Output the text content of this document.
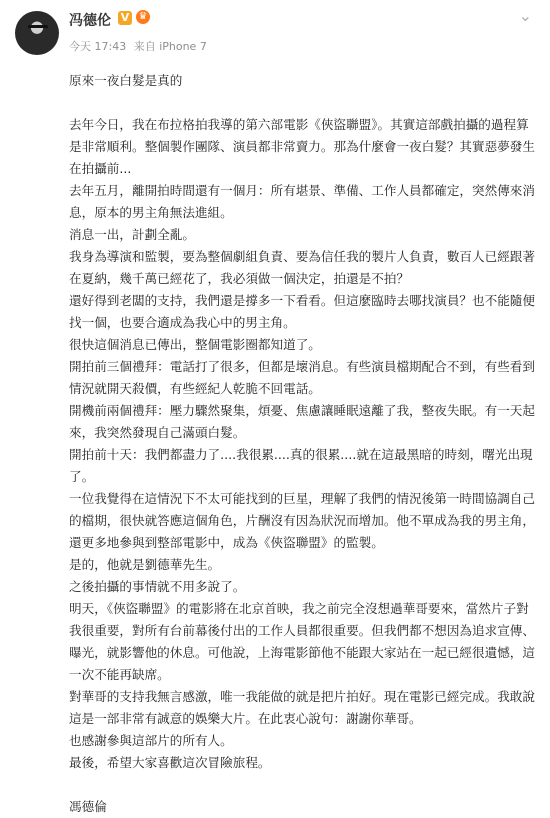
冯德伦 V ♛
今天 17:43 来自 iPhone 7
⌄

原來一夜白髮是真的

去年今日，我在布拉格拍我導的第六部電影《俠盜聯盟》。其實這部戲拍攝的過程算是非常順利。整個製作團隊、演員都非常賣力。那為什麼會一夜白髮？其實惡夢發生在拍攝前...

去年五月，離開拍時間還有一個月：所有堪景、準備、工作人員都確定，突然傳來消息，原本的男主角無法進組。

消息一出，計劃全亂。

我身為導演和監製，要為整個劇組負責、要為信任我的製片人負責，數百人已經跟著在夏納，幾千萬已經花了，我必須做一個決定，拍還是不拍？

還好得到老闆的支持，我們還是撐多一下看看。但這麼臨時去哪找演員？也不能隨便找一個，也要合適成為我心中的男主角。

很快這個消息已傳出，整個電影圈都知道了。

開拍前三個禮拜：電話打了很多，但都是壞消息。有些演員檔期配合不到，有些看到情況就開天殺價，有些經紀人乾脆不回電話。

開機前兩個禮拜：壓力驟然聚集，煩憂、焦慮讓睡眠遠離了我，整夜失眠。有一天起來，我突然發現自己滿頭白髮。

開拍前十天：我們都盡力了....我很累....真的很累....就在這最黑暗的時刻，曙光出現了。

一位我覺得在這情況下不太可能找到的巨星，理解了我們的情況後第一時間協調自己的檔期，很快就答應這個角色，片酬沒有因為狀況而增加。他不單成為我的男主角，還更多地參與到整部電影中，成為《俠盜聯盟》的監製。

是的，他就是劉德華先生。

之後拍攝的事情就不用多說了。

明天，《俠盜聯盟》的電影將在北京首映，我之前完全沒想過華哥要來，當然片子對我很重要，對所有台前幕後付出的工作人員都很重要。但我們都不想因為追求宣傳、曝光，就影響他的休息。可他說，上海電影節他不能跟大家站在一起已經很遺憾，這一次不能再缺席。

對華哥的支持我無言感激，唯一我能做的就是把片拍好。現在電影已經完成。我敢說這是一部非常有誠意的娛樂大片。在此衷心說句：謝謝你華哥。

也感謝參與這部片的所有人。

最後，希望大家喜歡這次冒險旅程。

馮德倫
